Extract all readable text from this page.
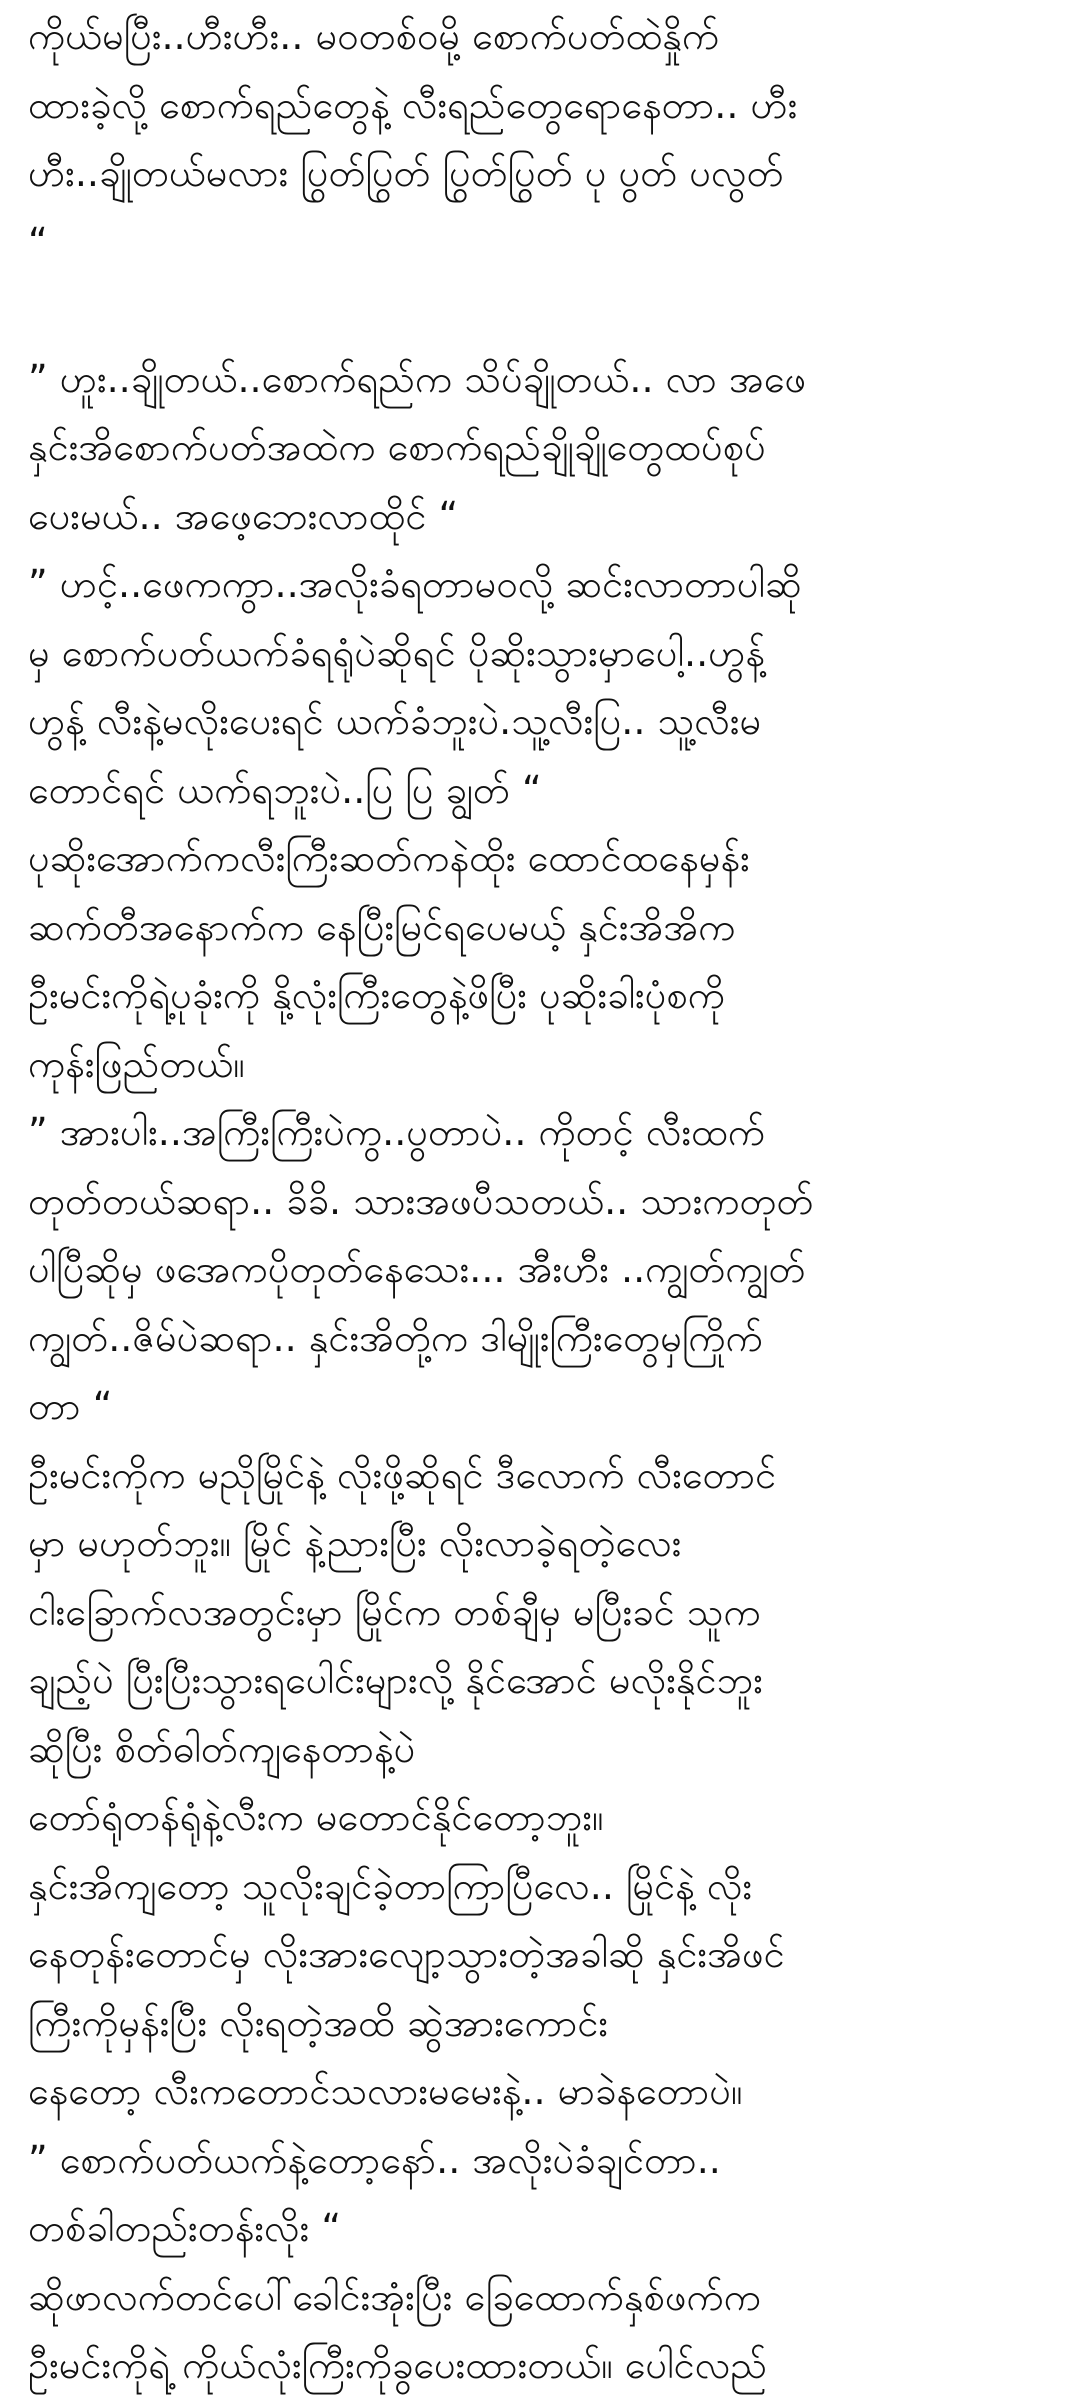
ကိုယ်မပြီး..ဟီးဟီး.. မဝတစ်ဝမို့ စောက်ပတ်ထဲနှိုက်
ထားခဲ့လို့ စောက်ရည်တွေနဲ့ လီးရည်တွေရောနေတာ.. ဟီး
ဟီး..ချိုတယ်မလား ပြွတ်ပြွတ် ပြွတ်ပြွတ် ပု ပွတ် ပလွတ်
“
” ဟူး..ချိုတယ်..စောက်ရည်က သိပ်ချိုတယ်.. လာ အဖေ
နှင်းအိစောက်ပတ်အထဲက စောက်ရည်ချိုချိုတွေထပ်စုပ်
ပေးမယ်.. အဖေ့ဘေးလာထိုင် “
” ဟင့်..ဖေကကွာ..အလိုးခံရတာမဝလို့ ဆင်းလာတာပါဆို
မှ စောက်ပတ်ယက်ခံရရုံပဲဆိုရင် ပိုဆိုးသွားမှာပေါ့..ဟွန့်
ဟွန့် လီးနဲ့မလိုးပေးရင် ယက်ခံဘူးပဲ.သူ့လီးပြ.. သူ့လီးမ
တောင်ရင် ယက်ရဘူးပဲ..ပြ ပြ ချွတ် “
ပုဆိုးအောက်ကလီးကြီးဆတ်ကနဲထိုး ထောင်ထနေမှန်း
ဆက်တီအနောက်က နေပြီးမြင်ရပေမယ့် နှင်းအိအိက
ဦးမင်းကိုရဲ့ပုခုံးကို နို့လုံးကြီးတွေနဲ့ဖိပြီး ပုဆိုးခါးပုံစကို
ကုန်းဖြည်တယ်။
” အားပါး..အကြီးကြီးပဲကွ..ပွတာပဲ.. ကိုတင့် လီးထက်
တုတ်တယ်ဆရာ.. ခိခိ. သားအဖပီသတယ်.. သားကတုတ်
ပါပြီဆိုမှ ဖအေကပိုတုတ်နေသေး... အီးဟီး ..ကျွတ်ကျွတ်
ကျွတ်..ဇိမ်ပဲဆရာ.. နှင်းအိတို့က ဒါမျိုးကြီးတွေမှကြိုက်
တာ “
ဦးမင်းကိုက မညိုမြိုင်နဲ့ လိုးဖို့ဆိုရင် ဒီလောက် လီးတောင်
မှာ မဟုတ်ဘူး။ မြိုင် နဲ့ညားပြီး လိုးလာခဲ့ရတဲ့လေး
ငါးခြောက်လအတွင်းမှာ မြိုင်က တစ်ချီမှ မပြီးခင် သူက
ချည့်ပဲ ပြီးပြီးသွားရပေါင်းများလို့ နိုင်အောင် မလိုးနိုင်ဘူး
ဆိုပြီး စိတ်ဓါတ်ကျနေတာနဲ့ပဲ
တော်ရုံတန်ရုံနဲ့လီးက မတောင်နိုင်တော့ဘူး။
နှင်းအိကျတော့ သူလိုးချင်ခဲ့တာကြာပြီလေ.. မြိုင်နဲ့ လိုး
နေတုန်းတောင်မှ လိုးအားလျော့သွားတဲ့အခါဆို နှင်းအိဖင်
ကြီးကိုမှန်းပြီး လိုးရတဲ့အထိ ဆွဲအားကောင်း
နေတော့ လီးကတောင်သလားမမေးနဲ့.. မာခဲနတောပဲ။
” စောက်ပတ်ယက်နဲ့တော့နော်.. အလိုးပဲခံချင်တာ..
တစ်ခါတည်းတန်းလိုး “
ဆိုဖာလက်တင်ပေါ်ခေါင်းအုံးပြီး ခြေထောက်နှစ်ဖက်က
ဦးမင်းကိုရဲ့ ကိုယ်လုံးကြီးကိုခွပေးထားတယ်။ ပေါင်လည်
